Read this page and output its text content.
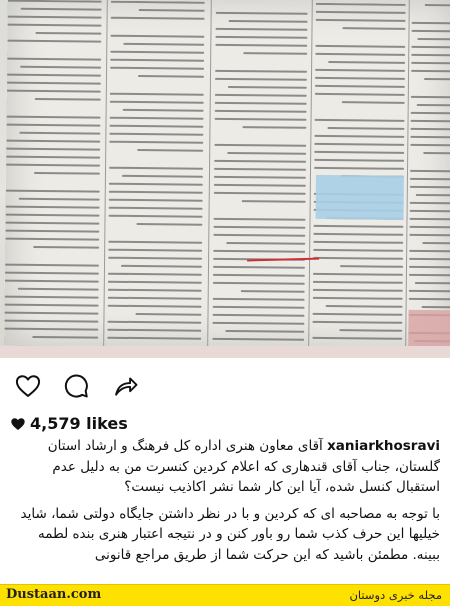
4,579 likes

xaniarkhosravi آقای معاون هنری اداره کل فرهنگ و ارشاد استان گلستان، جناب آقای قندهاری که اعلام کردین کنسرت من به دلیل عدم استقبال کنسل شده، آیا این کار شما نشر اکاذیب نیست؟

با توجه به مصاحبه ای که کردین و با در نظر داشتن جایگاه دولتی شما، شاید خیلیها این حرف کذب شما رو باور کنن و در نتیجه اعتبار هنری بنده لطمه ببینه. مطمئن باشید که این حرکت شما از طریق مراجع قانونی

Dustaan.com	مجله خبری دوستان
